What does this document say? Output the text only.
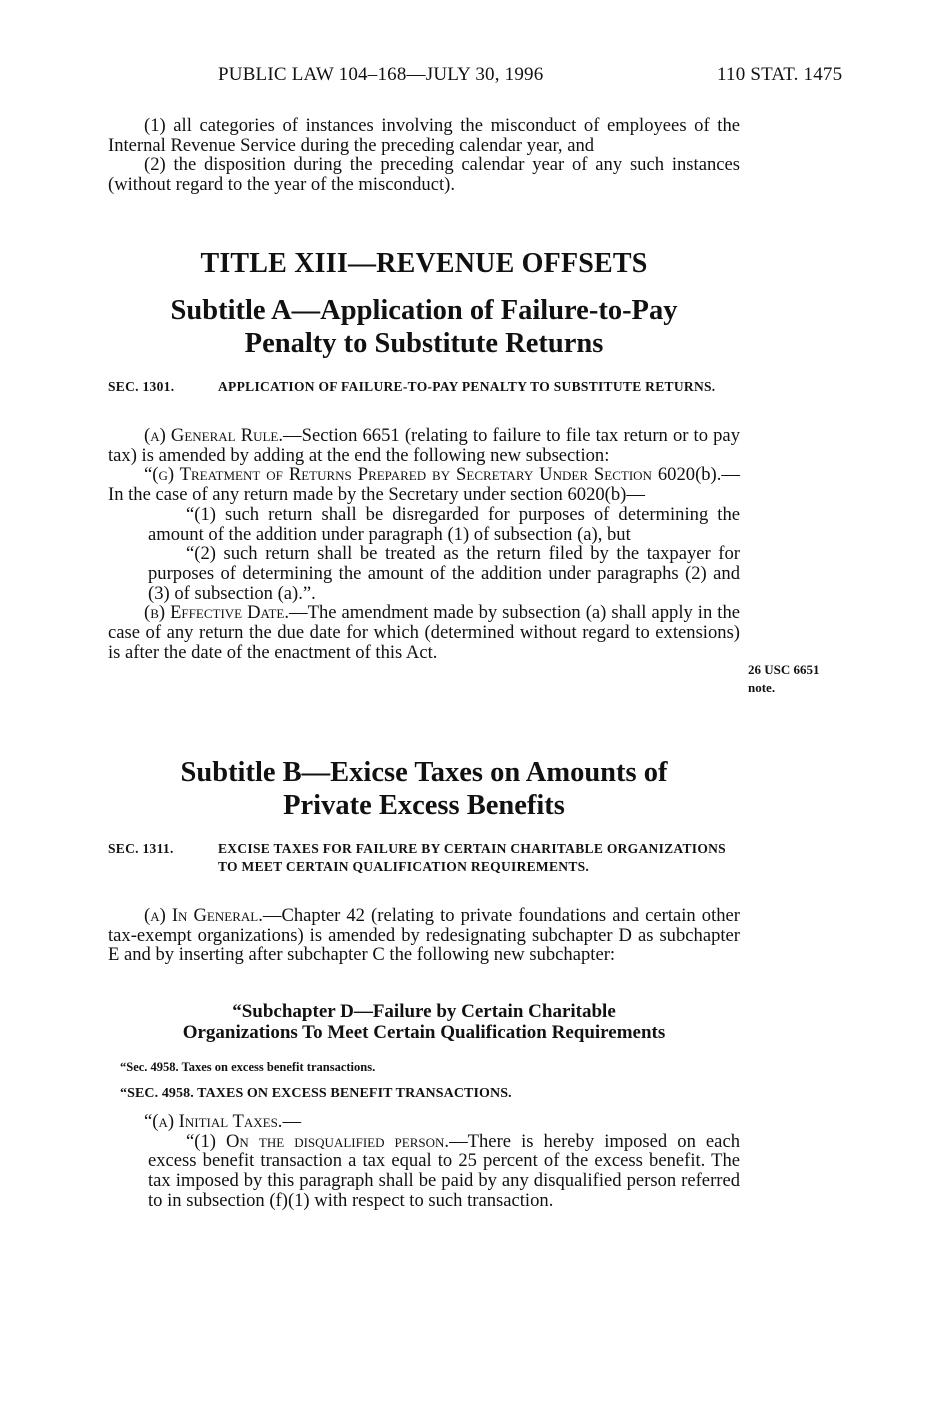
PUBLIC LAW 104–168—JULY 30, 1996	110 STAT. 1475

(1) all categories of instances involving the misconduct of employees of the Internal Revenue Service during the preceding calendar year, and

(2) the disposition during the preceding calendar year of any such instances (without regard to the year of the misconduct).

TITLE XIII—REVENUE OFFSETS
Subtitle A—Application of Failure-to-Pay
Penalty to Substitute Returns
SEC. 1301.	APPLICATION OF FAILURE-TO-PAY PENALTY TO SUBSTITUTE RETURNS.

(a) General Rule.—Section 6651 (relating to failure to file tax return or to pay tax) is amended by adding at the end the following new subsection:

“(g) Treatment of Returns Prepared by Secretary Under Section 6020(b).—In the case of any return made by the Secretary under section 6020(b)—

“(1) such return shall be disregarded for purposes of determining the amount of the addition under paragraph (1) of subsection (a), but

“(2) such return shall be treated as the return filed by the taxpayer for purposes of determining the amount of the addition under paragraphs (2) and (3) of subsection (a).”.

(b) Effective Date.—The amendment made by subsection (a) shall apply in the case of any return the due date for which (determined without regard to extensions) is after the date of the enactment of this Act.

26 USC 6651
note.
Subtitle B—Exicse Taxes on Amounts of
Private Excess Benefits
SEC. 1311.	EXCISE TAXES FOR FAILURE BY CERTAIN CHARITABLE ORGANIZATIONS TO MEET CERTAIN QUALIFICATION REQUIREMENTS.

(a) In General.—Chapter 42 (relating to private foundations and certain other tax-exempt organizations) is amended by redesignating subchapter D as subchapter E and by inserting after subchapter C the following new subchapter:

“Subchapter D—Failure by Certain Charitable
Organizations To Meet Certain Qualification Requirements
“Sec. 4958. Taxes on excess benefit transactions.
“SEC. 4958. TAXES ON EXCESS BENEFIT TRANSACTIONS.

“(a) Initial Taxes.—

“(1) On the disqualified person.—There is hereby imposed on each excess benefit transaction a tax equal to 25 percent of the excess benefit. The tax imposed by this paragraph shall be paid by any disqualified person referred to in subsection (f)(1) with respect to such transaction.
